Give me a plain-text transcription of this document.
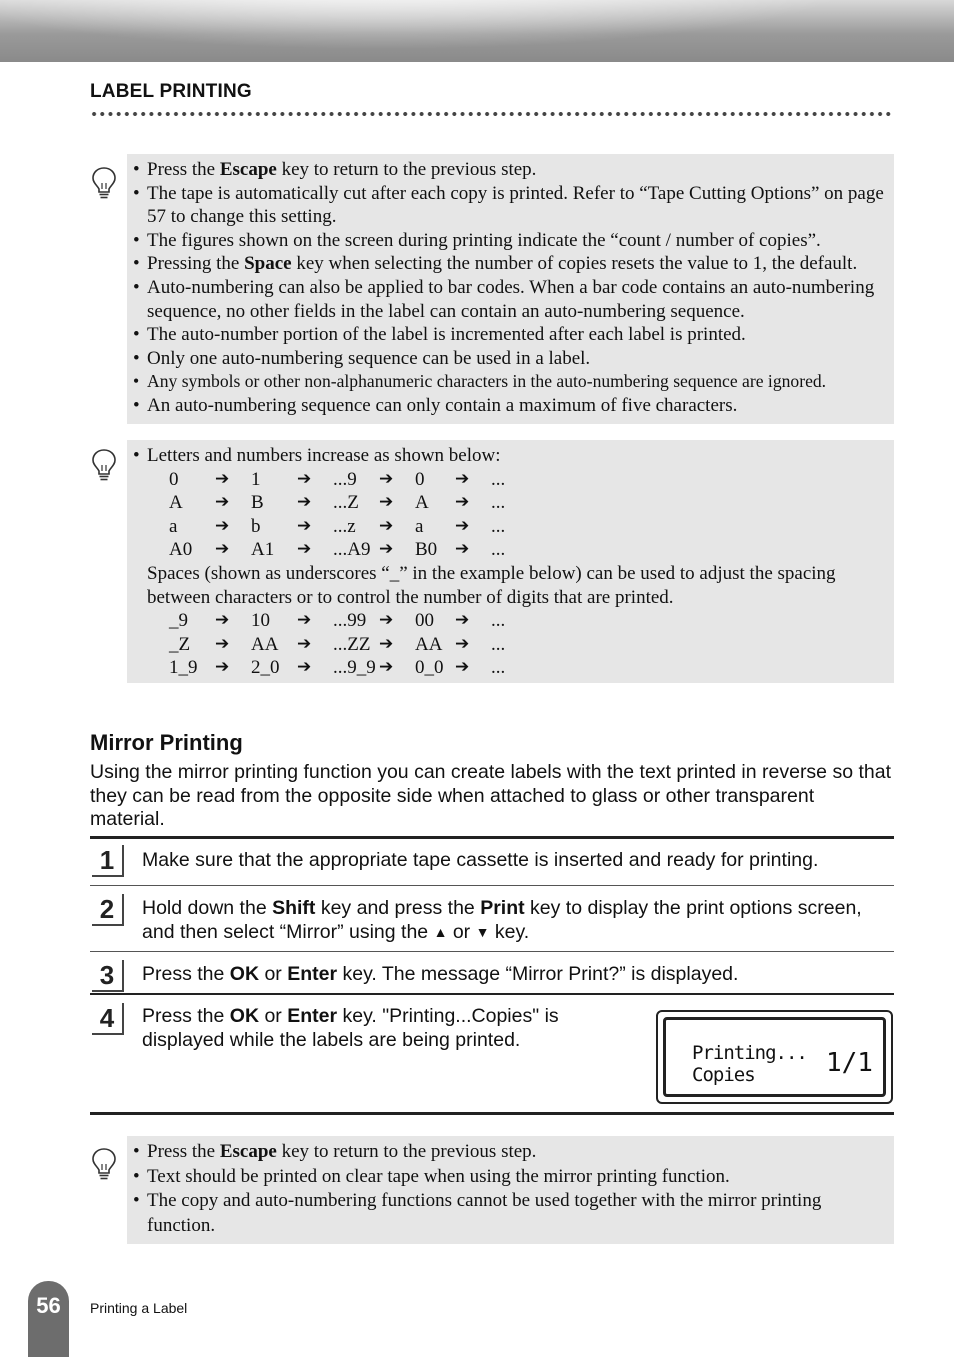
LABEL PRINTING
• Press the Escape key to return to the previous step.
• The tape is automatically cut after each copy is printed. Refer to “Tape Cutting Options” on page 57 to change this setting.
• The figures shown on the screen during printing indicate the “count / number of copies”.
• Pressing the Space key when selecting the number of copies resets the value to 1, the default.
• Auto-numbering can also be applied to bar codes. When a bar code contains an auto-numbering sequence, no other fields in the label can contain an auto-numbering sequence.
• The auto-number portion of the label is incremented after each label is printed.
• Only one auto-numbering sequence can be used in a label.
• Any symbols or other non-alphanumeric characters in the auto-numbering sequence are ignored.
• An auto-numbering sequence can only contain a maximum of five characters.
• Letters and numbers increase as shown below:
0	➔	1	➔	...9	➔	0	➔	...
A	➔	B	➔	...Z	➔	A	➔	...
a	➔	b	➔	...z	➔	a	➔	...
A0	➔	A1	➔	...A9 ➔	B0	➔	...

Spaces (shown as underscores “_” in the example below) can be used to adjust the spacing between characters or to control the number of digits that are printed.

_9	➔	10	➔	...99 ➔	00	➔	...
_Z	➔	AA	➔	...ZZ ➔	AA ➔	...
1_9	➔	2_0	➔	...9_9 ➔	0_0 ➔	...
Mirror Printing
Using the mirror printing function you can create labels with the text printed in reverse so that they can be read from the opposite side when attached to glass or other transparent material.
1	Make sure that the appropriate tape cassette is inserted and ready for printing.
2	Hold down the Shift key and press the Print key to display the print options screen, and then select “Mirror” using the ▲ or ▼ key.
3	Press the OK or Enter key. The message “Mirror Print?” is displayed.
4	Press the OK or Enter key. "Printing...Copies" is displayed while the labels are being printed.
Printing...
Copies	1/1
• Press the Escape key to return to the previous step.
• Text should be printed on clear tape when using the mirror printing function.
• The copy and auto-numbering functions cannot be used together with the mirror printing function.
56	Printing a Label
